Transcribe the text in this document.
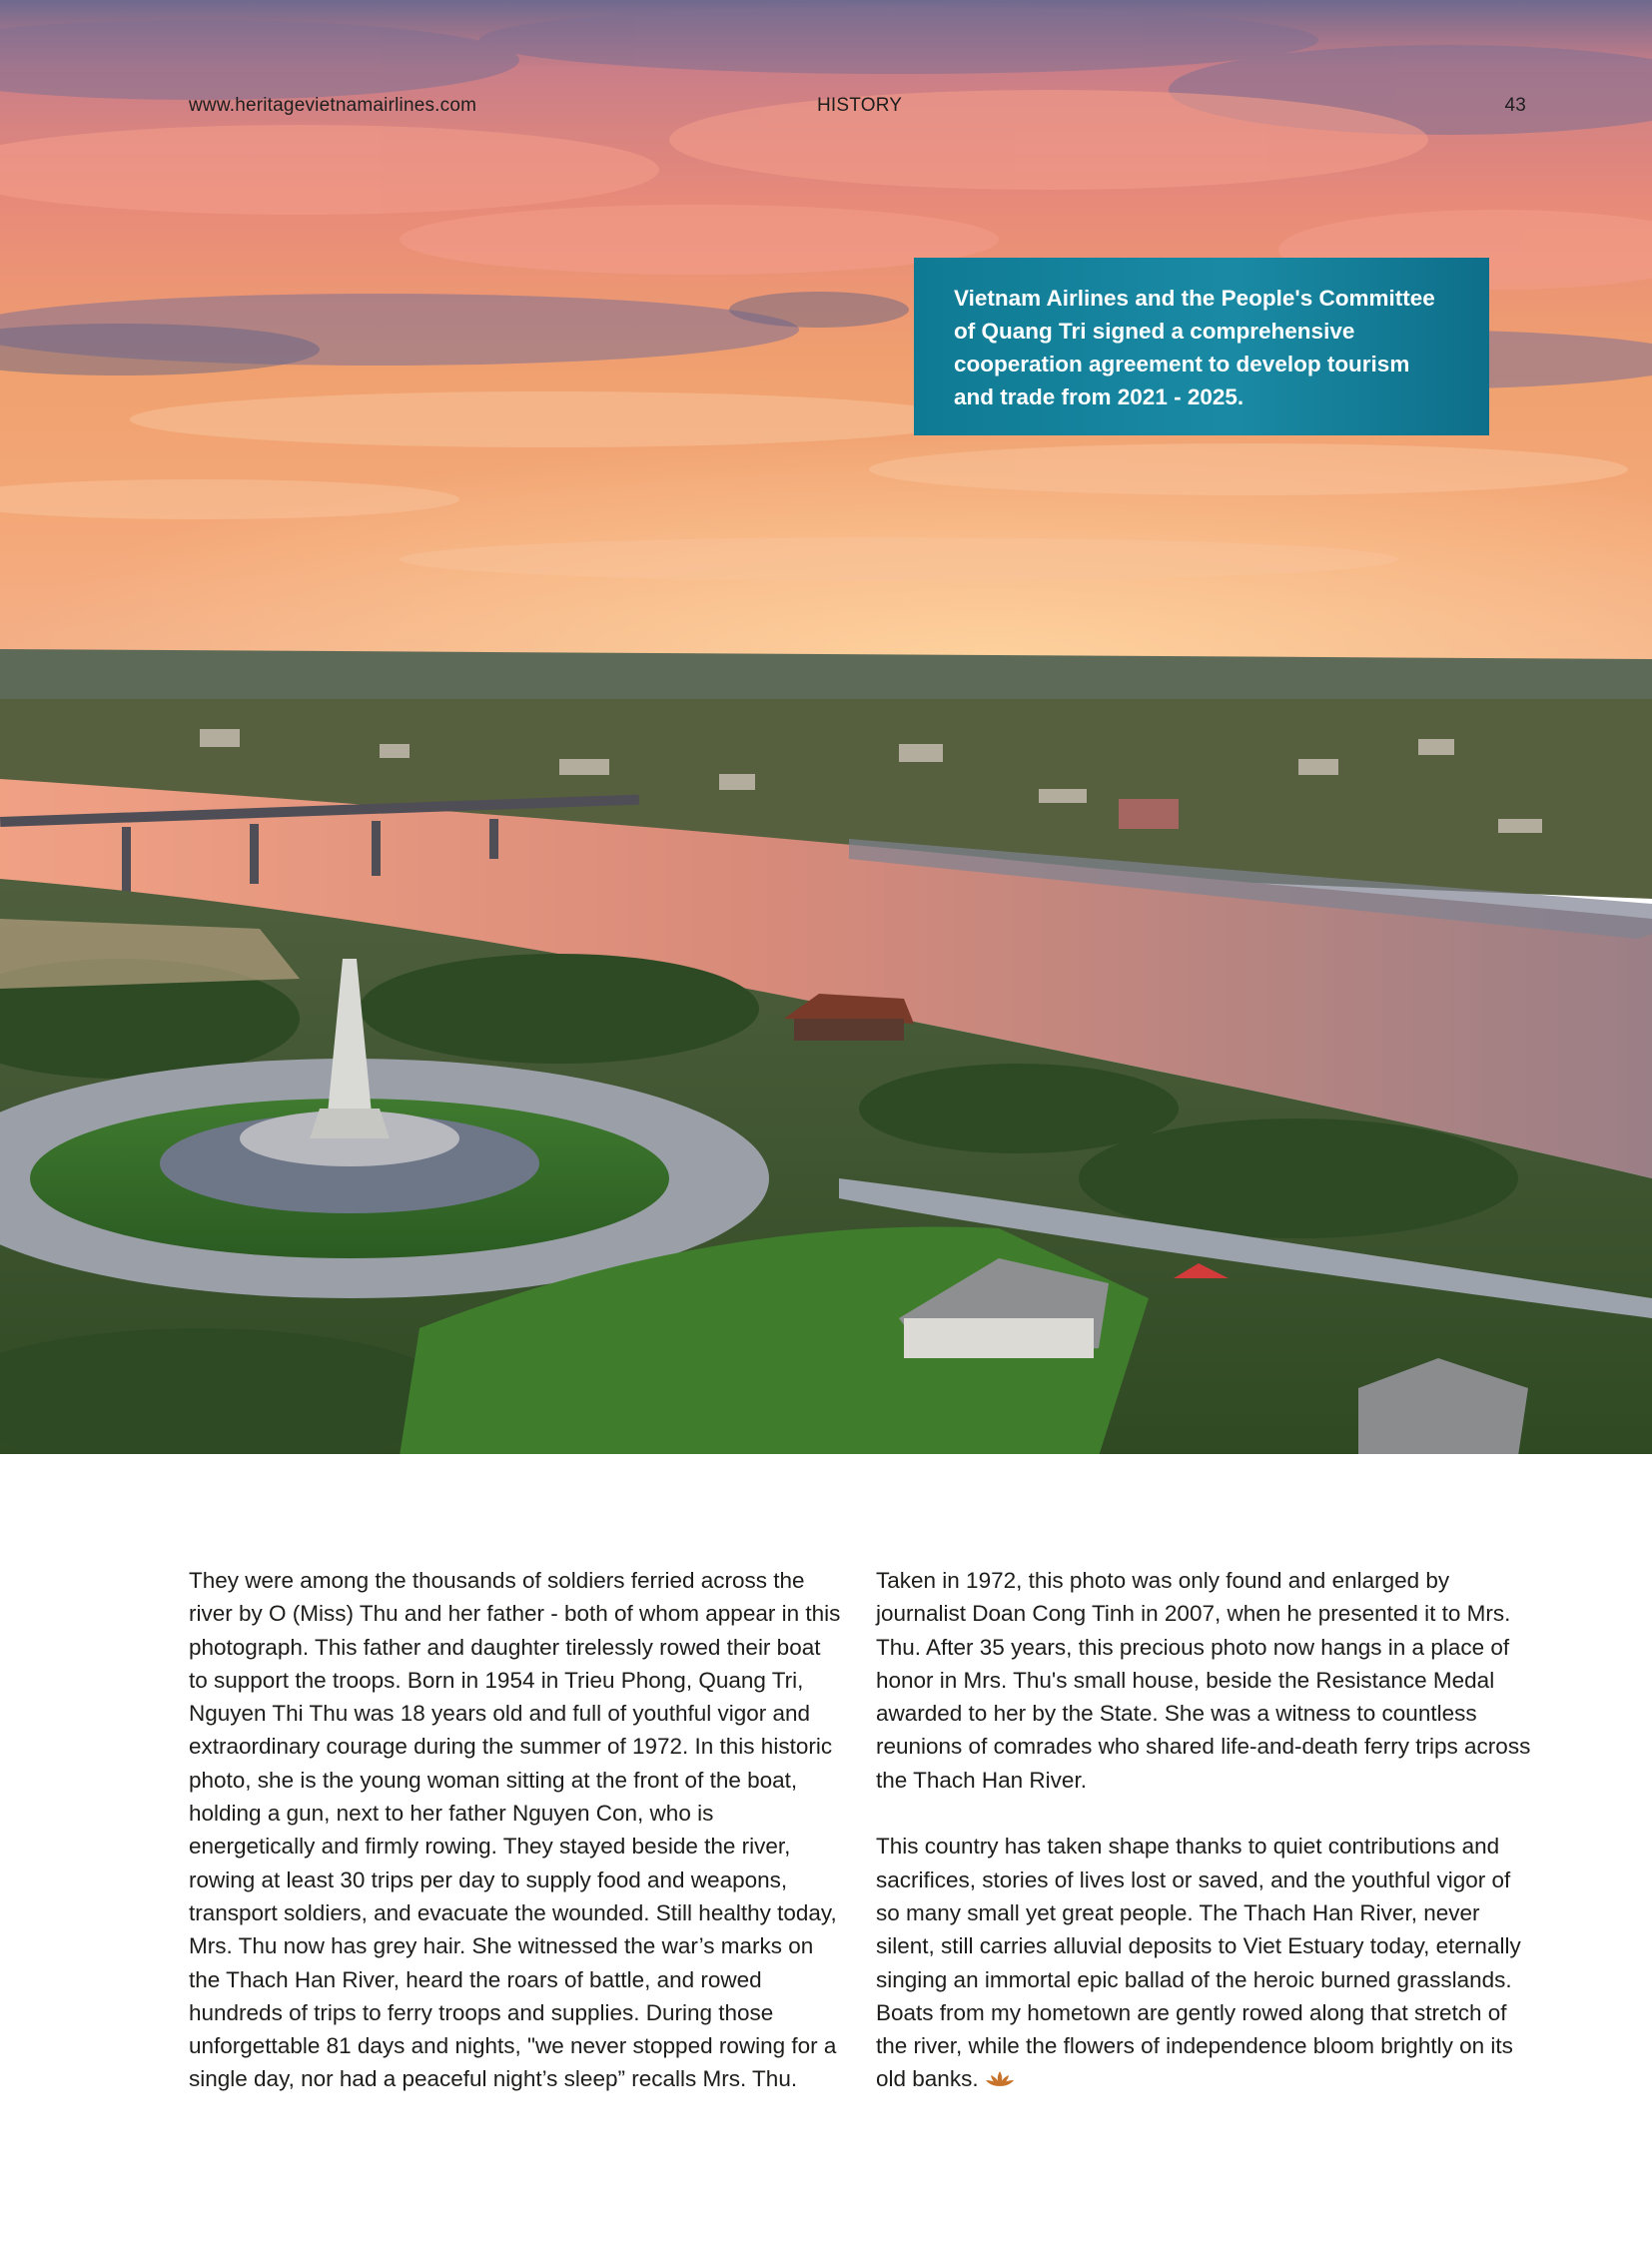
www.heritagevietnamairlines.com	HISTORY	43

Vietnam Airlines and the People's Committee of Quang Tri signed a comprehensive cooperation agreement to develop tourism and trade from 2021 - 2025.

They were among the thousands of soldiers ferried across the river by O (Miss) Thu and her father - both of whom appear in this photograph. This father and daughter tirelessly rowed their boat to support the troops. Born in 1954 in Trieu Phong, Quang Tri, Nguyen Thi Thu was 18 years old and full of youthful vigor and extraordinary courage during the summer of 1972. In this historic photo, she is the young woman sitting at the front of the boat, holding a gun, next to her father Nguyen Con, who is energetically and firmly rowing. They stayed beside the river, rowing at least 30 trips per day to supply food and weapons, transport soldiers, and evacuate the wounded. Still healthy today, Mrs. Thu now has grey hair. She witnessed the war’s marks on the Thach Han River, heard the roars of battle, and rowed hundreds of trips to ferry troops and supplies. During those unforgettable 81 days and nights, "we never stopped rowing for a single day, nor had a peaceful night’s sleep” recalls Mrs. Thu.

Taken in 1972, this photo was only found and enlarged by journalist Doan Cong Tinh in 2007, when he presented it to Mrs. Thu. After 35 years, this precious photo now hangs in a place of honor in Mrs. Thu's small house, beside the Resistance Medal awarded to her by the State. She was a witness to countless reunions of comrades who shared life-and-death ferry trips across the Thach Han River.

This country has taken shape thanks to quiet contributions and sacrifices, stories of lives lost or saved, and the youthful vigor of so many small yet great people. The Thach Han River, never silent, still carries alluvial deposits to Viet Estuary today, eternally singing an immortal epic ballad of the heroic burned grasslands. Boats from my hometown are gently rowed along that stretch of the river, while the flowers of independence bloom brightly on its old banks.
